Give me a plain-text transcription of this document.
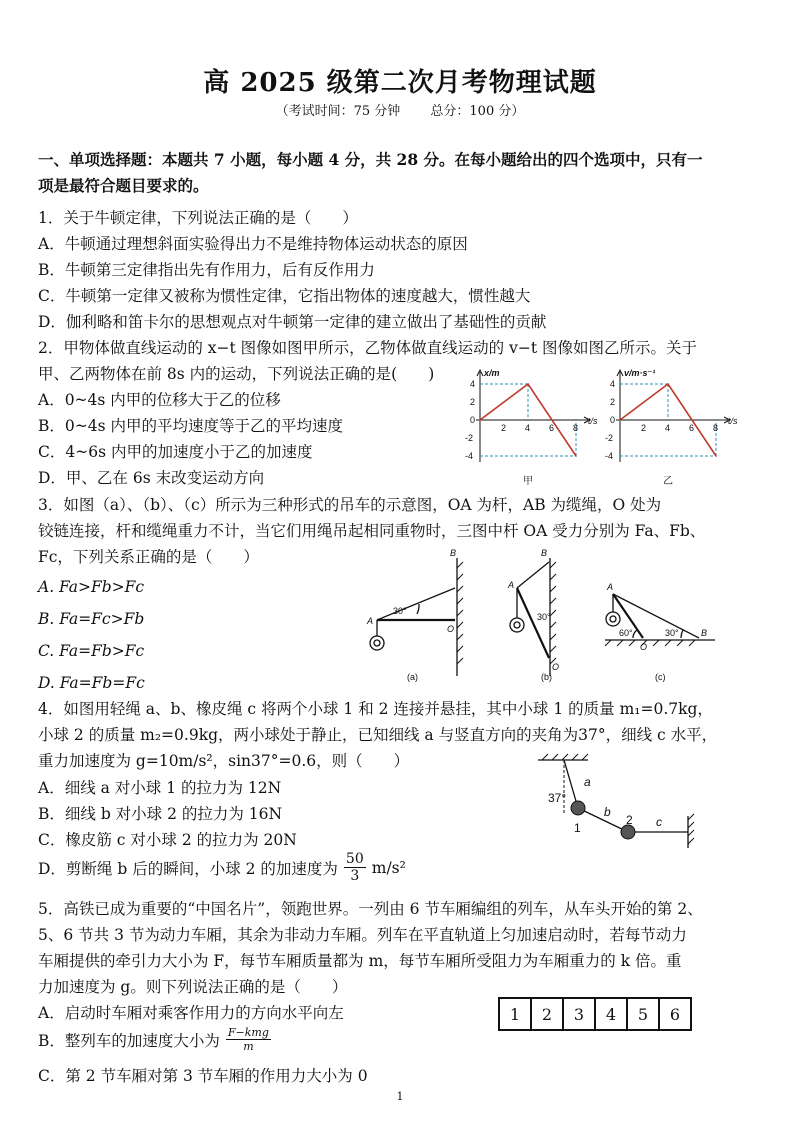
高 2025 级第二次月考物理试题
（考试时间：75 分钟　　 总分：100 分）
一、单项选择题：本题共 7 小题，每小题 4 分，共 28 分。在每小题给出的四个选项中，只有一
项是最符合题目要求的。
1．关于牛顿定律，下列说法正确的是（　　）
A．牛顿通过理想斜面实验得出力不是维持物体运动状态的原因
B．牛顿第三定律指出先有作用力，后有反作用力
C．牛顿第一定律又被称为惯性定律，它指出物体的速度越大，惯性越大
D．伽利略和笛卡尔的思想观点对牛顿第一定律的建立做出了基础性的贡献
2．甲物体做直线运动的 x−t 图像如图甲所示，乙物体做直线运动的 v−t 图像如图乙所示。关于
甲、乙两物体在前 8s 内的运动，下列说法正确的是(　　)
A．0~4s 内甲的位移大于乙的位移
B．0~4s 内甲的平均速度等于乙的平均速度
C．4~6s 内甲的加速度小于乙的加速度
D．甲、乙在 6s 末改变运动方向
2 4 6 8
4
2
0
-2
-4
t/s
x/m
甲
2 4 6 8
4
2
0
-2
-4
t/s
v/m·s⁻¹
乙
3．如图（a）、（b）、（c）所示为三种形式的吊车的示意图，OA 为杆，AB 为缆绳，O 处为
铰链连接，杆和缆绳重力不计，当它们用绳吊起相同重物时，三图中杆 OA 受力分别为 Fa、Fb、
Fc，下列关系正确的是（　　）
A. Fa>Fb>Fc
B. Fa=Fc>Fb
C. Fa=Fb>Fc
D. Fa=Fb=Fc
B
A
O
B
A
O
A
B
O
30°
30°
60°	30°
(a)	(b)	(c)
4．如图用轻绳 a、b、橡皮绳 c 将两个小球 1 和 2 连接并悬挂，其中小球 1 的质量 m₁=0.7kg，
小球 2 的质量 m₂=0.9kg，两小球处于静止，已知细线 a 与竖直方向的夹角为37°，细线 c 水平，
重力加速度为 g=10m/s²，sin37°=0.6，则（　　）
A．细线 a 对小球 1 的拉力为 12N
B．细线 b 对小球 2 的拉力为 16N
C．橡皮筋 c 对小球 2 的拉力为 20N
D．剪断绳 b 后的瞬间，小球 2 的加速度为 $\frac{50}{3} m/s^2$
37°
a
b
c
1
2
5．高铁已成为重要的“中国名片”，领跑世界。一列由 6 节车厢编组的列车，从车头开始的第 2、
5、6 节共 3 节为动力车厢，其余为非动力车厢。列车在平直轨道上匀加速启动时，若每节动力
车厢提供的牵引力大小为 F，每节车厢质量都为 m，每节车厢所受阻力为车厢重力的 k 倍。重
力加速度为 g。则下列说法正确的是（　　）
A．启动时车厢对乘客作用力的方向水平向左
B．整列车的加速度大小为 $\frac{\text{F−kmg}}{m}$
C．第 2 节车厢对第 3 节车厢的作用力大小为 0
1	2	3	4	5	6
1
